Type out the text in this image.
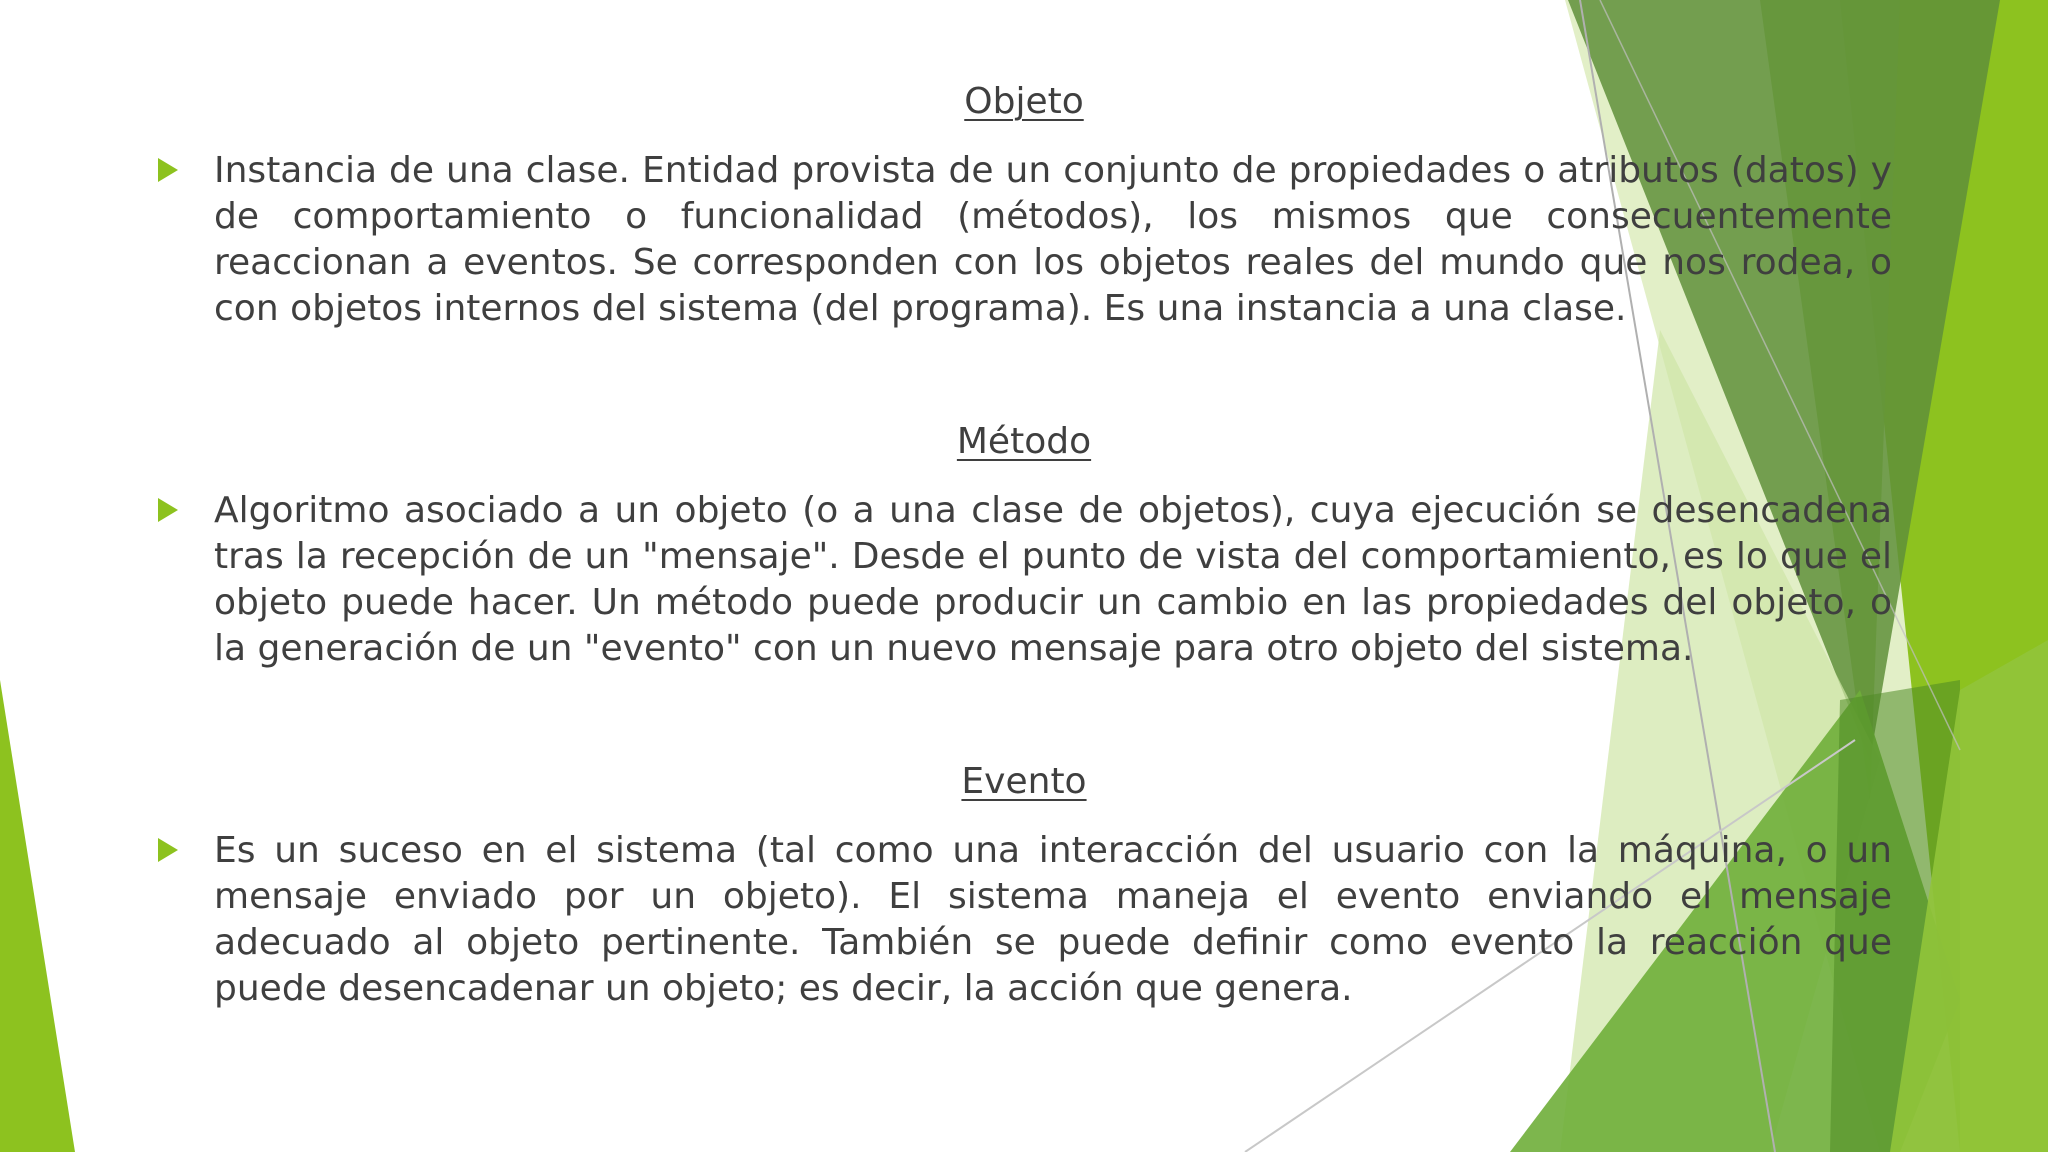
Objeto
Instancia de una clase. Entidad provista de un conjunto de propiedades o atributos (datos) y de comportamiento o funcionalidad (métodos), los mismos que consecuentemente reaccionan a eventos. Se corresponden con los objetos reales del mundo que nos rodea, o con objetos internos del sistema (del programa). Es una instancia a una clase.
Método
Algoritmo asociado a un objeto (o a una clase de objetos), cuya ejecución se desencadena tras la recepción de un "mensaje". Desde el punto de vista del comportamiento, es lo que el objeto puede hacer. Un método puede producir un cambio en las propiedades del objeto, o la generación de un "evento" con un nuevo mensaje para otro objeto del sistema.
Evento
Es un suceso en el sistema (tal como una interacción del usuario con la máquina, o un mensaje enviado por un objeto). El sistema maneja el evento enviando el mensaje adecuado al objeto pertinente. También se puede definir como evento la reacción que puede desencadenar un objeto; es decir, la acción que genera.
